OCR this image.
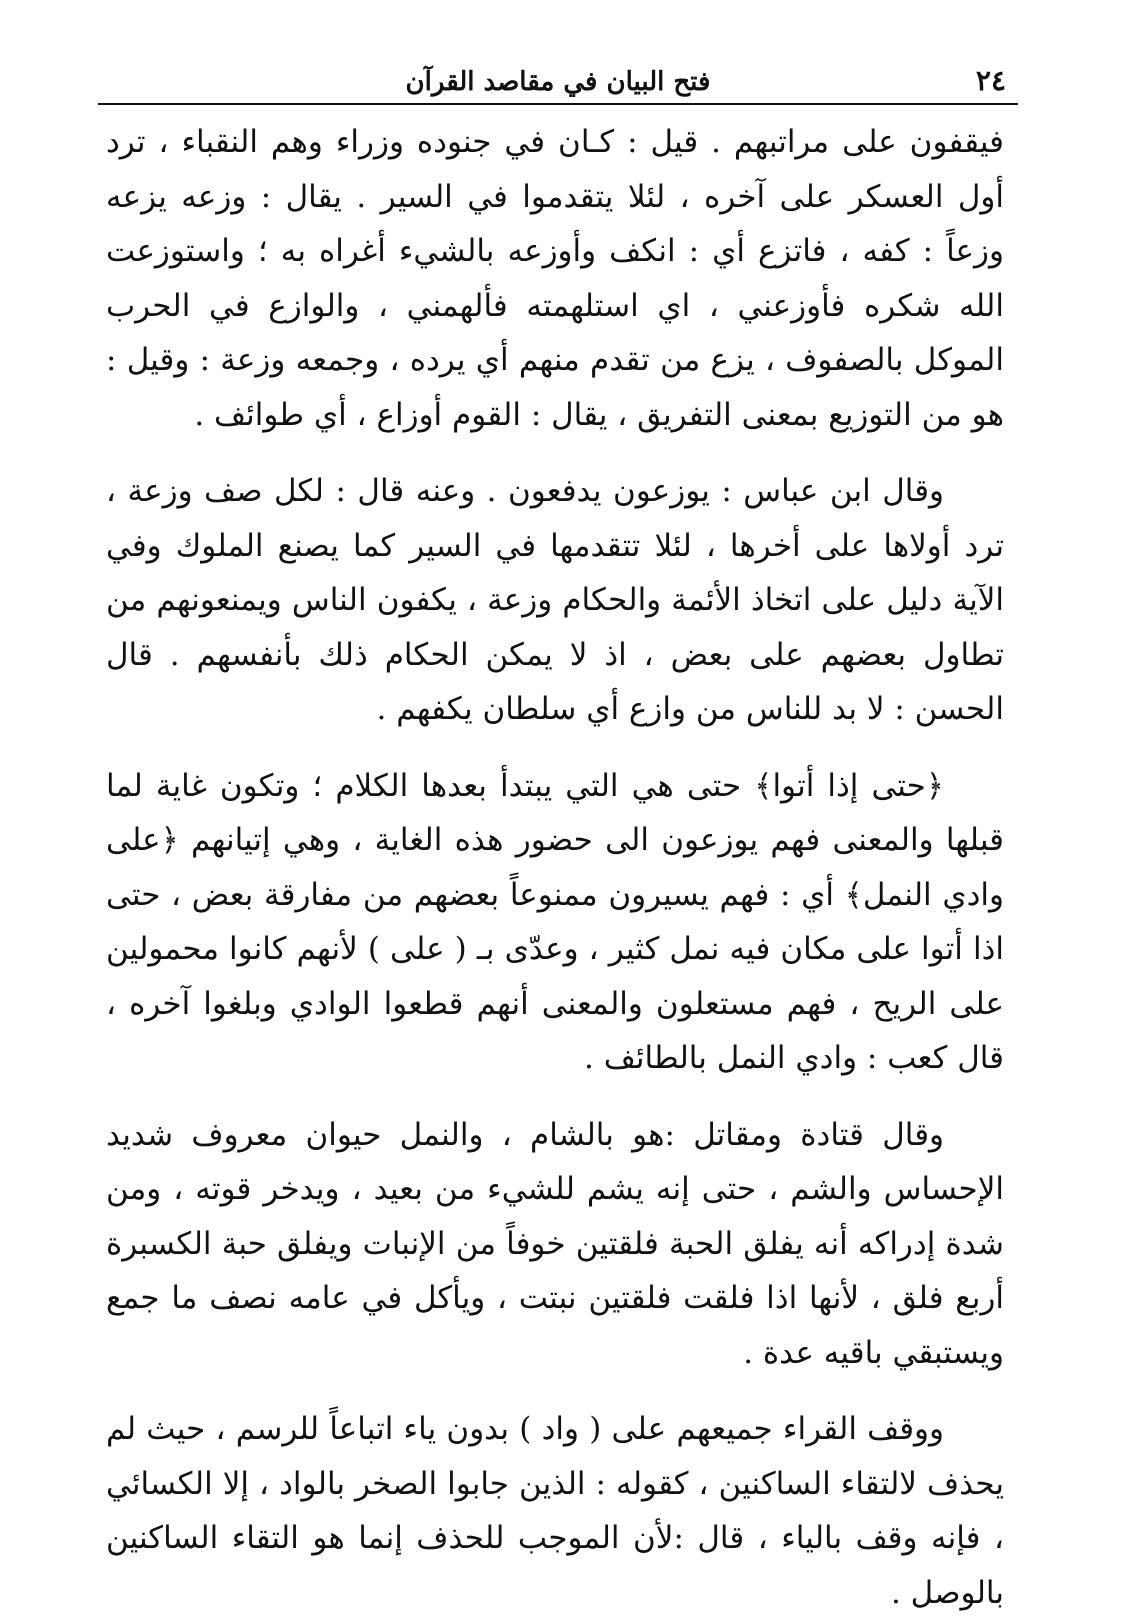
٢٤
فتح البيان في مقاصد القرآن

فيقفون على مراتبهم . قيل : كـان في جنوده وزراء وهم النقباء ، ترد أول العسكر على آخره ، لئلا يتقدموا في السير . يقال : وزعه يزعه وزعاً : كفه ، فاتزع أي : انكف وأوزعه بالشيء أغراه به ؛ واستوزعت الله شكره فأوزعني ، اي استلهمته فألهمني ، والوازع في الحرب الموكل بالصفوف ، يزع من تقدم منهم أي يرده ، وجمعه وزعة : وقيل : هو من التوزيع بمعنى التفريق ، يقال : القوم أوزاع ، أي طوائف .

وقال ابن عباس : يوزعون يدفعون . وعنه قال : لكل صف وزعة ، ترد أولاها على أخرها ، لئلا تتقدمها في السير كما يصنع الملوك وفي الآية دليل على اتخاذ الأئمة والحكام وزعة ، يكفون الناس ويمنعونهم من تطاول بعضهم على بعض ، اذ لا يمكن الحكام ذلك بأنفسهم . قال الحسن : لا بد للناس من وازع أي سلطان يكفهم .

﴿حتى إذا أتوا﴾ حتى هي التي يبتدأ بعدها الكلام ؛ وتكون غاية لما قبلها والمعنى فهم يوزعون الى حضور هذه الغاية ، وهي إتيانهم ﴿على وادي النمل﴾ أي : فهم يسيرون ممنوعاً بعضهم من مفارقة بعض ، حتى اذا أتوا على مكان فيه نمل كثير ، وعدّى بـ ( على ) لأنهم كانوا محمولين على الريح ، فهم مستعلون والمعنى أنهم قطعوا الوادي وبلغوا آخره ، قال كعب : وادي النمل بالطائف .

وقال قتادة ومقاتل :هو بالشام ، والنمل حيوان معروف شديد الإحساس والشم ، حتى إنه يشم للشيء من بعيد ، ويدخر قوته ، ومن شدة إدراكه أنه يفلق الحبة فلقتين خوفاً من الإنبات ويفلق حبة الكسبرة أربع فلق ، لأنها اذا فلقت فلقتين نبتت ، ويأكل في عامه نصف ما جمع ويستبقي باقيه عدة .

ووقف القراء جميعهم على ( واد ) بدون ياء اتباعاً للرسم ، حيث لم يحذف لالتقاء الساكنين ، كقوله : الذين جابوا الصخر بالواد ، إلا الكسائي ، فإنه وقف بالياء ، قال :لأن الموجب للحذف إنما هو التقاء الساكنين بالوصل .
